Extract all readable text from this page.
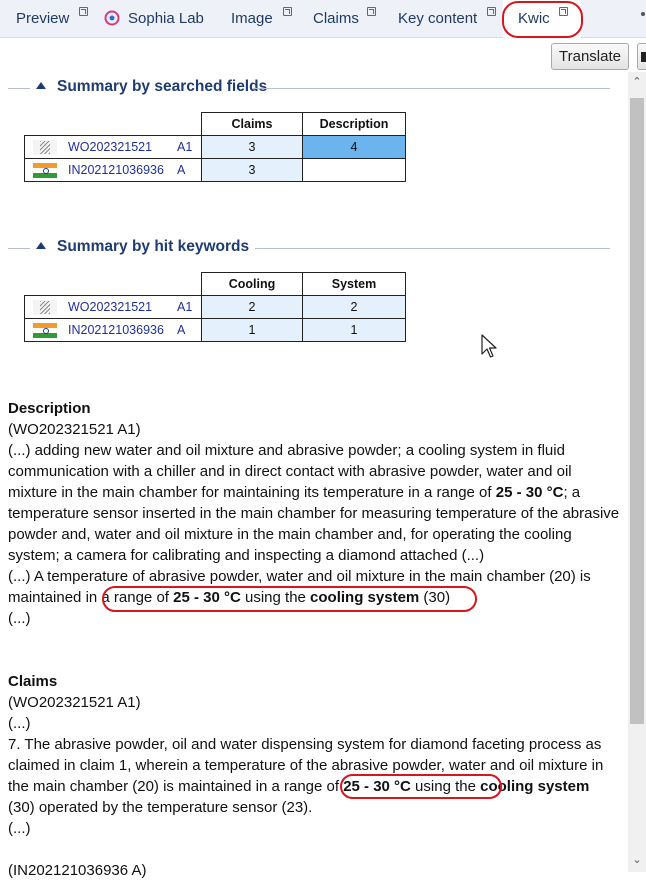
Preview	Sophia Lab Image	Claims	Key content	Kwic
Translate
⌃
⌄
Summary by searched fields
	Claims	Description

WO202321521 A1	3	4

IN202121036936 A	3	
Summary by hit keywords
	Cooling	System

WO202321521 A1	2	2

IN202121036936 A	1	1

Description

(WO202321521 A1)

(...) adding new water and oil mixture and abrasive powder; a cooling system in fluid communication with a chiller and in direct contact with abrasive powder, water and oil mixture in the main chamber for maintaining its temperature in a range of 25 - 30 °C; a temperature sensor inserted in the main chamber for measuring temperature of the abrasive powder and, water and oil mixture in the main chamber and, for operating the cooling system; a camera for calibrating and inspecting a diamond attached (...)

(...) A temperature of abrasive powder, water and oil mixture in the main chamber (20) is maintained in a range of 25 - 30 °C using the cooling system (30)

(...)

Claims

(WO202321521 A1)

(...)

7. The abrasive powder, oil and water dispensing system for diamond faceting process as claimed in claim 1, wherein a temperature of the abrasive powder, water and oil mixture in the main chamber (20) is maintained in a range of 25 - 30 °C using the cooling system (30) operated by the temperature sensor (23).

(...)

(IN202121036936 A)
